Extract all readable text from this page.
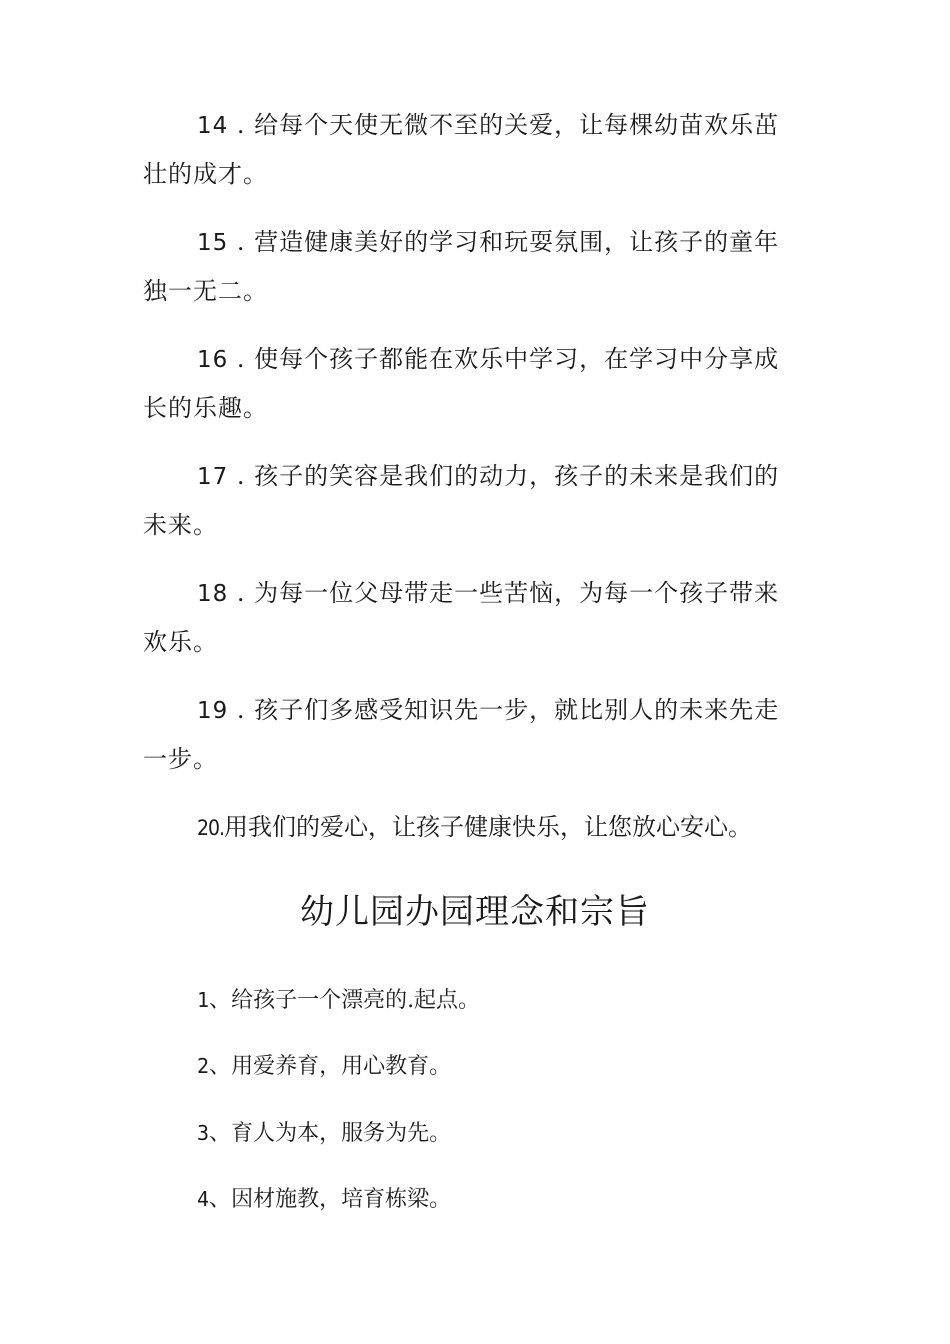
14 . 给每个天使无微不至的关爱，让每棵幼苗欢乐茁壮的成才。

15 . 营造健康美好的学习和玩耍氛围，让孩子的童年独一无二。

16 . 使每个孩子都能在欢乐中学习，在学习中分享成长的乐趣。

17 . 孩子的笑容是我们的动力，孩子的未来是我们的未来。

18 . 为每一位父母带走一些苦恼，为每一个孩子带来欢乐。

19 . 孩子们多感受知识先一步，就比别人的未来先走一步。

20.用我们的爱心，让孩子健康快乐，让您放心安心。

幼儿园办园理念和宗旨

1、给孩子一个漂亮的.起点。

2、用爱养育，用心教育。

3、育人为本，服务为先。

4、因材施教，培育栋梁。
